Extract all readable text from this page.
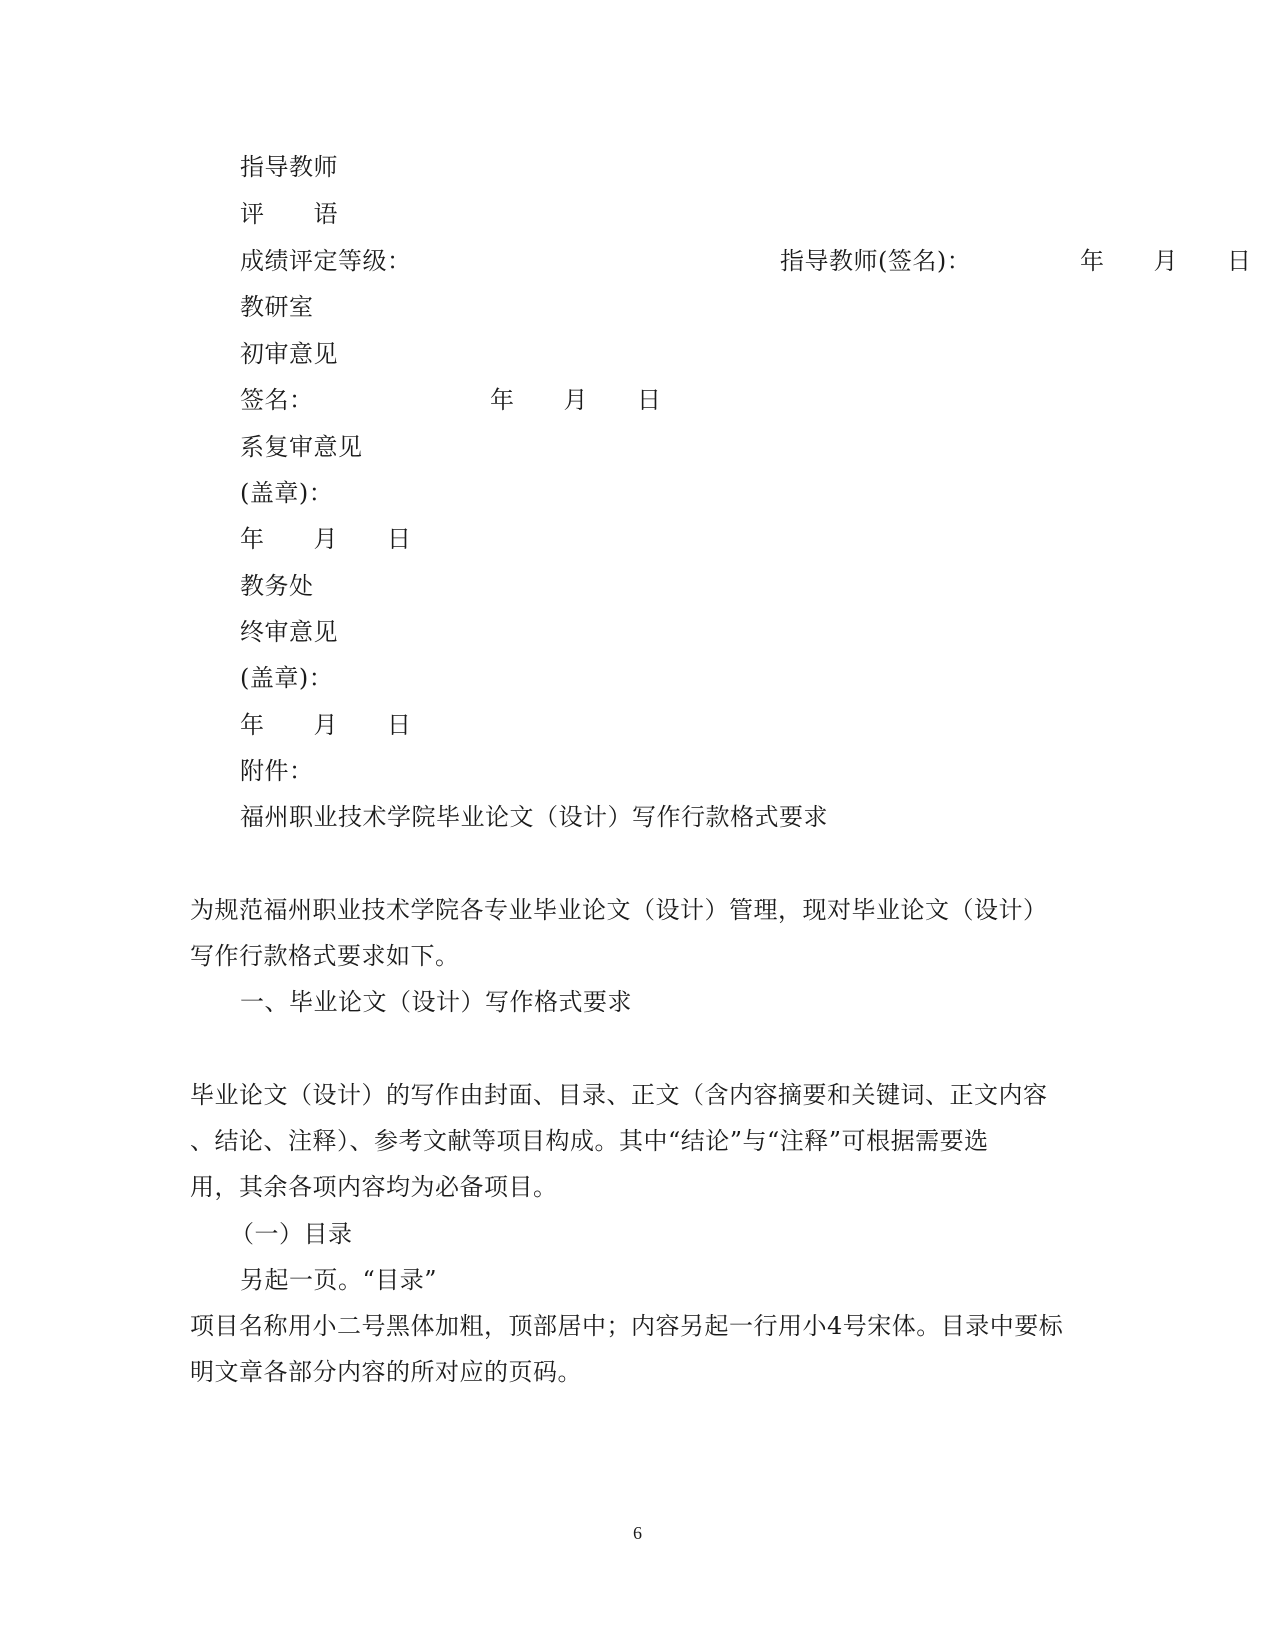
指导教师
评　　语
成绩评定等级：	指导教师(签名)：	年　　月　　日
教研室
初审意见
签名：	年　　月　　日
系复审意见
(盖章)：
年　　月　　日
教务处
终审意见
(盖章)：
年　　月　　日
附件：
福州职业技术学院毕业论文（设计）写作行款格式要求
为规范福州职业技术学院各专业毕业论文（设计）管理，现对毕业论文（设计）
写作行款格式要求如下。
一、毕业论文（设计）写作格式要求
毕业论文（设计）的写作由封面、目录、正文（含内容摘要和关键词、正文内容
、结论、注释）、参考文献等项目构成。其中“结论”与“注释”可根据需要选
用，其余各项内容均为必备项目。
（一）目录
另起一页。“目录”
项目名称用小二号黑体加粗，顶部居中；内容另起一行用小4号宋体。目录中要标
明文章各部分内容的所对应的页码。
6
